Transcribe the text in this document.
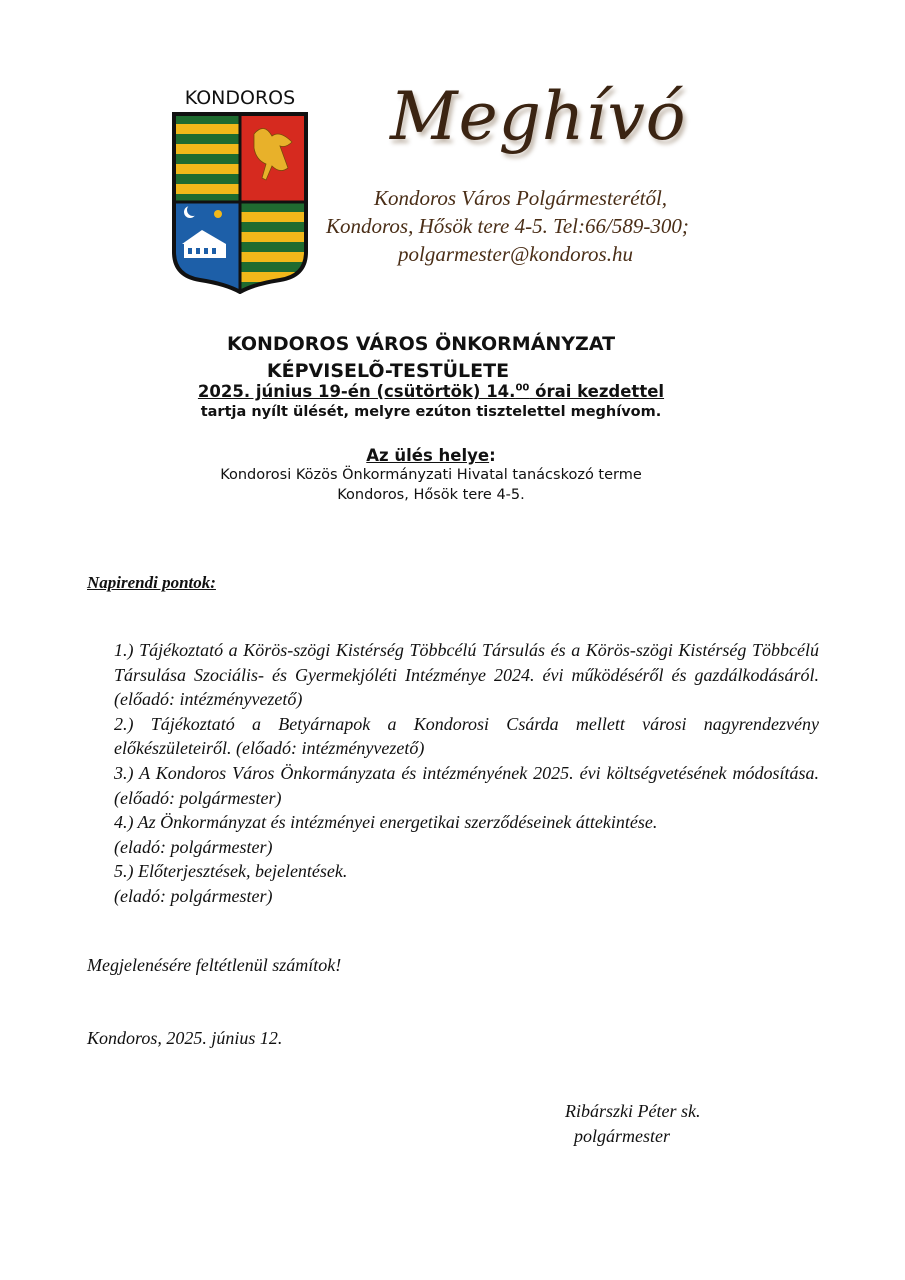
KONDOROS Meghívó
Kondoros Város Polgármesterétől,
Kondoros, Hősök tere 4-5. Tel:66/589-300;
polgarmester@kondoros.hu
KONDOROS VÁROS ÖNKORMÁNYZAT
KÉPVISELÕ-TESTÜLETE
2025. június 19-én (csütörtök) 14.00 órai kezdettel
tartja nyílt ülését, melyre ezúton tisztelettel meghívom.
Az ülés helye:
Kondorosi Közös Önkormányzati Hivatal tanácskozó terme
Kondoros, Hősök tere 4-5.
Napirendi pontok:

1.) Tájékoztató a Körös-szögi Kistérség Többcélú Társulás és a Körös-szögi Kistérség Többcélú Társulása Szociális- és Gyermekjóléti Intézménye 2024. évi működéséről és gazdálkodásáról. (előadó: intézményvezető)

2.) Tájékoztató a Betyárnapok a Kondorosi Csárda mellett városi nagyrendezvény előkészületeiről. (előadó: intézményvezető)

3.) A Kondoros Város Önkormányzata és intézményének 2025. évi költségvetésének módosítása. (előadó: polgármester)

4.) Az Önkormányzat és intézményei energetikai szerződéseinek áttekintése.

(eladó: polgármester)

5.) Előterjesztések, bejelentések.

(eladó: polgármester)

Megjelenésére feltétlenül számítok!
Kondoros, 2025. június 12.
Ribárszki Péter sk.
polgármester
